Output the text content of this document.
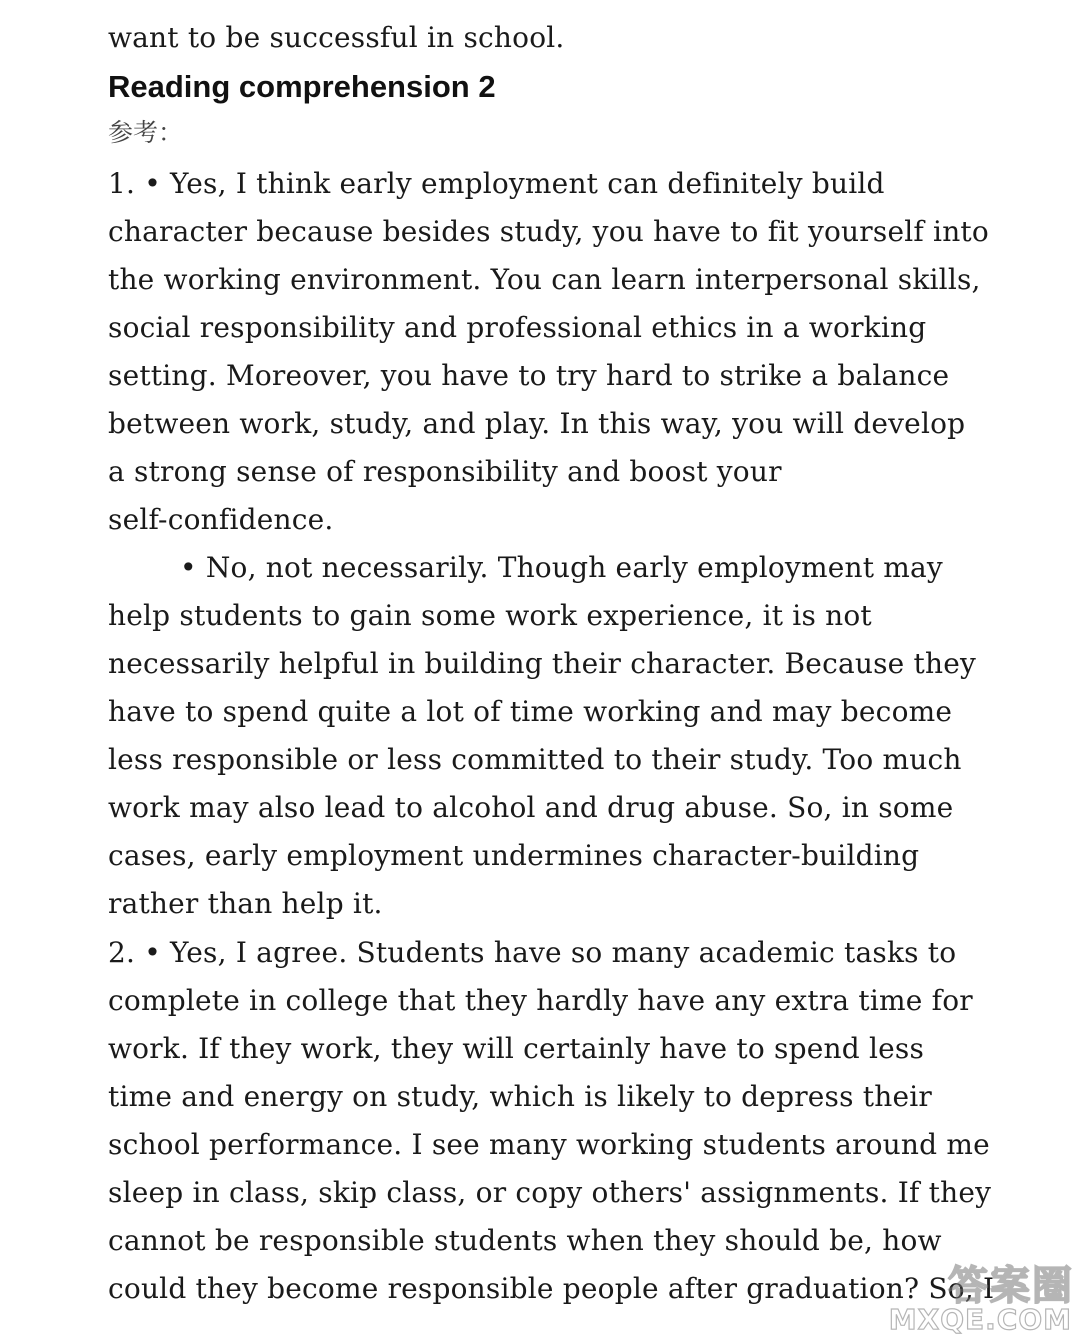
want to be successful in school.
Reading comprehension 2
参考：
1. • Yes, I think early employment can definitely build
character because besides study, you have to fit yourself into
the working environment. You can learn interpersonal skills,
social responsibility and professional ethics in a working
setting. Moreover, you have to try hard to strike a balance
between work, study, and play. In this way, you will develop
a strong sense of responsibility and boost your
self-confidence.
• No, not necessarily. Though early employment may
help students to gain some work experience, it is not
necessarily helpful in building their character. Because they
have to spend quite a lot of time working and may become
less responsible or less committed to their study. Too much
work may also lead to alcohol and drug abuse. So, in some
cases, early employment undermines character-building
rather than help it.
2. • Yes, I agree. Students have so many academic tasks to
complete in college that they hardly have any extra time for
work. If they work, they will certainly have to spend less
time and energy on study, which is likely to depress their
school performance. I see many working students around me
sleep in class, skip class, or copy others' assignments. If they
cannot be responsible students when they should be, how
could they become responsible people after graduation? So, I
答案圈
MXQE.COM
